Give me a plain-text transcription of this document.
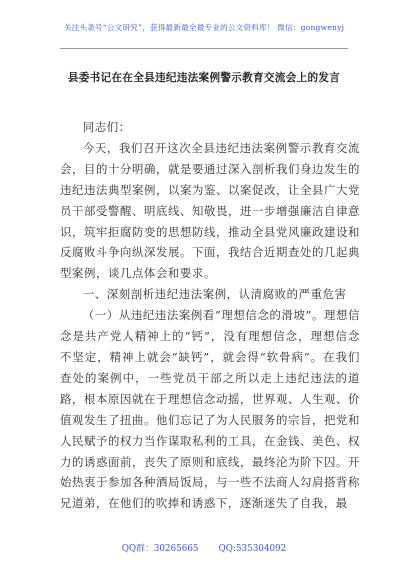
关注头条号“公文研究”，获得最新最全最专业的公文资料库！ 微信：gongwenyj
县委书记在在全县违纪违法案例警示教育交流会上的发言

同志们：

今天，我们召开这次全县违纪违法案例警示教育交流会，目的十分明确，就是要通过深入剖析我们身边发生的违纪违法典型案例，以案为鉴、以案促改，让全县广大党员干部受警醒、明底线、知敬畏，进一步增强廉洁自律意识，筑牢拒腐防变的思想防线，推动全县党风廉政建设和反腐败斗争向纵深发展。下面，我结合近期查处的几起典型案例，谈几点体会和要求。

一、深刻剖析违纪违法案例，认清腐败的严重危害

（一）从违纪违法案例看“理想信念的滑坡”。理想信念是共产党人精神上的“钙”，没有理想信念，理想信念不坚定，精神上就会“缺钙”，就会得“软骨病”。在我们查处的案例中，一些党员干部之所以走上违纪违法的道路，根本原因就在于理想信念动摇，世界观、人生观、价值观发生了扭曲。他们忘记了为人民服务的宗旨，把党和人民赋予的权力当作谋取私利的工具，在金钱、美色、权力的诱惑面前，丧失了原则和底线，最终沦为阶下囚。开始热衷于参加各种酒局饭局，与一些不法商人勾肩搭背称兄道弟，在他们的吹捧和诱惑下，逐渐迷失了自我，最

QQ群：30265665 QQ:535304092
